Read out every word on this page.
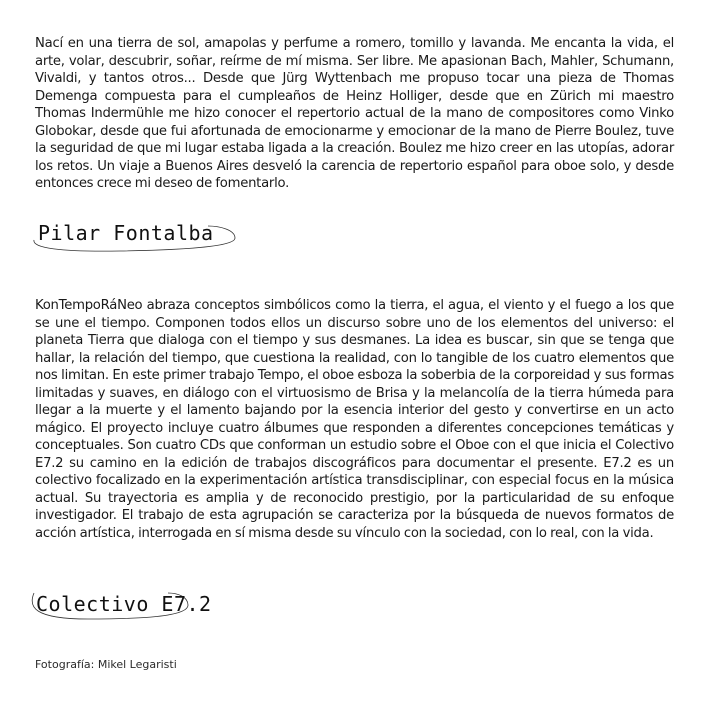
Nací en una tierra de sol, amapolas y perfume a romero, tomillo y lavanda. Me encanta la vida, el arte, volar, descubrir, soñar, reírme de mí misma. Ser libre. Me apasionan Bach, Mahler, Schumann, Vivaldi, y tantos otros... Desde que Jürg Wyttenbach me propuso tocar una pieza de Thomas Demenga compuesta para el cumpleaños de Heinz Holliger, desde que en Zürich mi maestro Thomas Indermühle me hizo conocer el repertorio actual de la mano de compositores como Vinko Globokar, desde que fui afortunada de emocionarme y emocionar de la mano de Pierre Boulez, tuve la seguridad de que mi lugar estaba ligada a la creación. Boulez me hizo creer en las utopías, adorar los retos. Un viaje a Buenos Aires desveló la carencia de repertorio español para oboe solo, y desde entonces crece mi deseo de fomentarlo.

Pilar Fontalba

KonTempoRáNeo abraza conceptos simbólicos como la tierra, el agua, el viento y el fuego a los que se une el tiempo. Componen todos ellos un discurso sobre uno de los elementos del universo: el planeta Tierra que dialoga con el tiempo y sus desmanes. La idea es buscar, sin que se tenga que hallar, la relación del tiempo, que cuestiona la realidad, con lo tangible de los cuatro elementos que nos limitan. En este primer trabajo Tempo, el oboe esboza la soberbia de la corporeidad y sus formas limitadas y suaves, en diálogo con el virtuosismo de Brisa y la melancolía de la tierra húmeda para llegar a la muerte y el lamento bajando por la esencia interior del gesto y convertirse en un acto mágico. El proyecto incluye cuatro álbumes que responden a diferentes concepciones temáticas y conceptuales. Son cuatro CDs que conforman un estudio sobre el Oboe con el que inicia el Colectivo E7.2 su camino en la edición de trabajos discográficos para documentar el presente. E7.2 es un colectivo focalizado en la experimentación artística transdisciplinar, con especial focus en la música actual. Su trayectoria es amplia y de reconocido prestigio, por la particularidad de su enfoque investigador. El trabajo de esta agrupación se caracteriza por la búsqueda de nuevos formatos de acción artística, interrogada en sí misma desde su vínculo con la sociedad, con lo real, con la vida.

Colectivo E7.2

Fotografía: Mikel Legaristi
